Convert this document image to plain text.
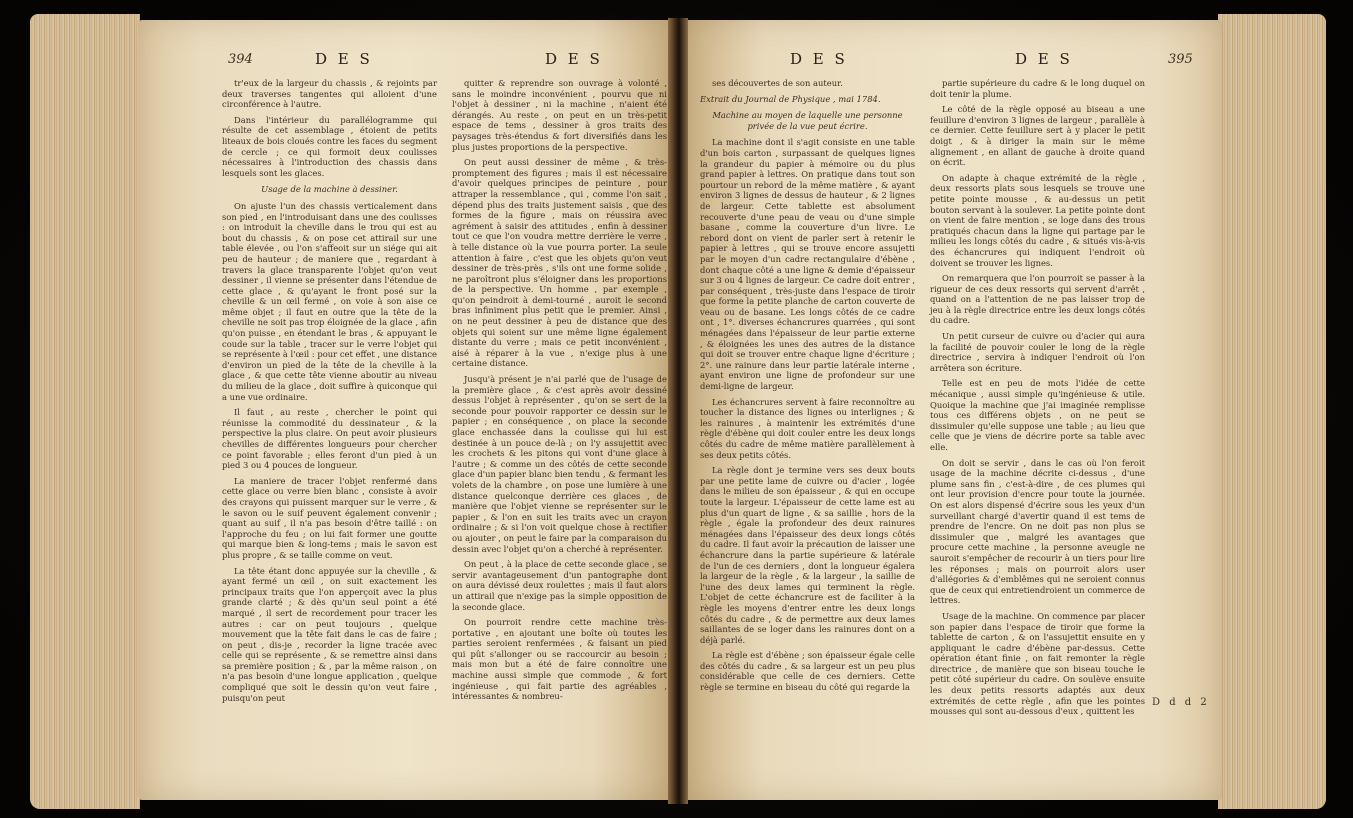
394	D E S	D E S	D E S	D E S	395

tr'eux de la largeur du chassis , & rejoints par deux traverses tangentes qui alloient d'une circonférence à l'autre.

Dans l'intérieur du parallélogramme qui résulte de cet assemblage , étoient de petits liteaux de bois cloués contre les faces du segment de cercle ; ce qui formoit deux coulisses nécessaires à l'introduction des chassis dans lesquels sont les glaces.

Usage de la machine à dessiner.

On ajuste l'un des chassis verticalement dans son pied , en l'introduisant dans une des coulisses : on introduit la cheville dans le trou qui est au bout du chassis , & on pose cet attirail sur une table élevée , ou l'on s'affeoit sur un siége qui ait peu de hauteur ; de maniere que , regardant à travers la glace transparente l'objet qu'on veut dessiner , il vienne se présenter dans l'étendue de cette glace , & qu'ayant le front posé sur la cheville & un œil fermé , on voie à son aise ce même objet ; il faut en outre que la tête de la cheville ne soit pas trop éloignée de la glace , afin qu'on puisse , en étendant le bras , & appuyant le coude sur la table , tracer sur le verre l'objet qui se représente à l'œil : pour cet effet , une distance d'environ un pied de la tête de la cheville à la glace , & que cette tête vienne aboutir au niveau du milieu de la glace , doit suffire à quiconque qui a une vue ordinaire.

Il faut , au reste , chercher le point qui réunisse la commodité du dessinateur , & la perspective la plus claire. On peut avoir plusieurs chevilles de différentes longueurs pour chercher ce point favorable ; elles feront d'un pied à un pied 3 ou 4 pouces de longueur.

La maniere de tracer l'objet renfermé dans cette glace ou verre bien blanc , consiste à avoir des crayons qui puissent marquer sur le verre , & le savon ou le suif peuvent également convenir ; quant au suif , il n'a pas besoin d'être taillé : on l'approche du feu ; on lui fait former une goutte qui marque bien & long-tems ; mais le savon est plus propre , & se taille comme on veut.

La tête étant donc appuyée sur la cheville , & ayant fermé un œil , on suit exactement les principaux traits que l'on apperçoit avec la plus grande clarté ; & dès qu'un seul point a été marqué , il sert de recordement pour tracer les autres : car on peut toujours , quelque mouvement que la tête fait dans le cas de faire ; on peut , dis-je , recorder la ligne tracée avec celle qui se représente , & se remettre ainsi dans sa première position ; & , par la même raison , on n'a pas besoin d'une longue application , quelque compliqué que soit le dessin qu'on veut faire , puisqu'on peut

quitter & reprendre son ouvrage à volonté , sans le moindre inconvénient , pourvu que ni l'objet à dessiner , ni la machine , n'aient été dérangés. Au reste , on peut en un très-petit espace de tems , dessiner à gros traits des paysages très-étendus & fort diversifiés dans les plus justes proportions de la perspective.

On peut aussi dessiner de même , & très-promptement des figures ; mais il est nécessaire d'avoir quelques principes de peinture , pour attraper la ressemblance , qui , comme l'on sait , dépend plus des traits justement saisis , que des formes de la figure , mais on réussira avec agrément à saisir des attitudes , enfin à dessiner tout ce que l'on voudra mettre derrière le verre , à telle distance où la vue pourra porter. La seule attention à faire , c'est que les objets qu'on veut dessiner de très-près , s'ils ont une forme solide , ne paroîtront plus s'éloigner dans les proportions de la perspective. Un homme , par exemple , qu'on peindroit à demi-tourné , auroit le second bras infiniment plus petit que le premier. Ainsi , on ne peut dessiner à peu de distance que des objets qui soient sur une même ligne également distante du verre ; mais ce petit inconvénient , aisé à réparer à la vue , n'exige plus à une certaine distance.

Jusqu'à présent je n'ai parlé que de l'usage de la première glace , & c'est après avoir dessiné dessus l'objet à représenter , qu'on se sert de la seconde pour pouvoir rapporter ce dessin sur le papier ; en conséquence , on place la seconde glace enchassée dans la coulisse qui lui est destinée à un pouce de-là ; on l'y assujettit avec les crochets & les pitons qui vont d'une glace à l'autre ; & comme un des côtés de cette seconde glace d'un papier blanc bien tendu , & fermant les volets de la chambre , on pose une lumière à une distance quelconque derrière ces glaces , de manière que l'objet vienne se représenter sur le papier , & l'on en suit les traits avec un crayon ordinaire ; & si l'on voit quelque chose à rectifier ou ajouter , on peut le faire par la comparaison du dessin avec l'objet qu'on a cherché à représenter.

On peut , à la place de cette seconde glace , se servir avantageusement d'un pantographe dont on aura dévissé deux roulettes ; mais il faut alors un attirail que n'exige pas la simple opposition de la seconde glace.

On pourroit rendre cette machine très-portative , en ajoutant une boîte où toutes les parties seroient renfermées , & faisant un pied qui pût s'allonger ou se raccourcir au besoin ; mais mon but a été de faire connoître une machine aussi simple que commode , & fort ingénieuse , qui fait partie des agréables , intéressantes & nombreu-

ses découvertes de son auteur.

Extrait du Journal de Physique , mai 1784.

Machine au moyen de laquelle une personne privée de la vue peut écrire.

La machine dont il s'agit consiste en une table d'un bois carton , surpassant de quelques lignes la grandeur du papier à mémoire ou du plus grand papier à lettres. On pratique dans tout son pourtour un rebord de la même matière , & ayant environ 3 lignes de dessus de hauteur , & 2 lignes de largeur. Cette tablette est absolument recouverte d'une peau de veau ou d'une simple basane , comme la couverture d'un livre. Le rebord dont on vient de parler sert à retenir le papier à lettres , qui se trouve encore assujetti par le moyen d'un cadre rectangulaire d'ébène , dont chaque côté a une ligne & demie d'épaisseur sur 3 ou 4 lignes de largeur. Ce cadre doit entrer , par conséquent , très-juste dans l'espace de tiroir que forme la petite planche de carton couverte de veau ou de basane. Les longs côtés de ce cadre ont , 1°. diverses échancrures quarrées , qui sont ménagées dans l'épaisseur de leur partie externe , & éloignées les unes des autres de la distance qui doit se trouver entre chaque ligne d'écriture ; 2°. une rainure dans leur partie latérale interne , ayant environ une ligne de profondeur sur une demi-ligne de largeur.

Les échancrures servent à faire reconnoître au toucher la distance des lignes ou interlignes ; & les rainures , à maintenir les extrémités d'une règle d'ébène qui doit couler entre les deux longs côtés du cadre de même matière parallèlement à ses deux petits côtés.

La règle dont je termine vers ses deux bouts par une petite lame de cuivre ou d'acier , logée dans le milieu de son épaisseur , & qui en occupe toute la largeur. L'épaisseur de cette lame est au plus d'un quart de ligne , & sa saillie , hors de la règle , égale la profondeur des deux rainures ménagées dans l'épaisseur des deux longs côtés du cadre. Il faut avoir la précaution de laisser une échancrure dans la partie supérieure & latérale de l'un de ces derniers , dont la longueur égalera la largeur de la règle , & la largeur , la saillie de l'une des deux lames qui terminent la règle. L'objet de cette échancrure est de faciliter à la règle les moyens d'entrer entre les deux longs côtés du cadre , & de permettre aux deux lames saillantes de se loger dans les rainures dont on a déjà parlé.

La règle est d'ébène ; son épaisseur égale celle des côtés du cadre , & sa largeur est un peu plus considérable que celle de ces derniers. Cette règle se termine en biseau du côté qui regarde la

partie supérieure du cadre & le long duquel on doit tenir la plume.

Le côté de la règle opposé au biseau a une feuillure d'environ 3 lignes de largeur , parallèle à ce dernier. Cette feuillure sert à y placer le petit doigt , & à diriger la main sur le même alignement , en allant de gauche à droite quand on écrit.

On adapte à chaque extrémité de la règle , deux ressorts plats sous lesquels se trouve une petite pointe mousse , & au-dessus un petit bouton servant à la soulever. La petite pointe dont on vient de faire mention , se loge dans des trous pratiqués chacun dans la ligne qui partage par le milieu les longs côtés du cadre , & situés vis-à-vis des échancrures qui indiquent l'endroit où doivent se trouver les lignes.

On remarquera que l'on pourroit se passer à la rigueur de ces deux ressorts qui servent d'arrêt , quand on a l'attention de ne pas laisser trop de jeu à la règle directrice entre les deux longs côtés du cadre.

Un petit curseur de cuivre ou d'acier qui aura la facilité de pouvoir couler le long de la règle directrice , servira à indiquer l'endroit où l'on arrêtera son écriture.

Telle est en peu de mots l'idée de cette mécanique , aussi simple qu'ingénieuse & utile. Quoique la machine que j'ai imaginée remplisse tous ces différens objets , on ne peut se dissimuler qu'elle suppose une table ; au lieu que celle que je viens de décrire porte sa table avec elle.

On doit se servir , dans le cas où l'on feroit usage de la machine décrite ci-dessus , d'une plume sans fin , c'est-à-dire , de ces plumes qui ont leur provision d'encre pour toute la journée. On est alors dispensé d'écrire sous les yeux d'un surveillant chargé d'avertir quand il est tems de prendre de l'encre. On ne doit pas non plus se dissimuler que , malgré les avantages que procure cette machine , la personne aveugle ne sauroit s'empêcher de recourir à un tiers pour lire les réponses ; mais on pourroit alors user d'allégories & d'emblêmes qui ne seroient connus que de ceux qui entretiendroient un commerce de lettres.

Usage de la machine. On commence par placer son papier dans l'espace de tiroir que forme la tablette de carton , & on l'assujettit ensuite en y appliquant le cadre d'ébène par-dessus. Cette opération étant finie , on fait remonter la règle directrice , de manière que son biseau touche le petit côté supérieur du cadre. On soulève ensuite les deux petits ressorts adaptés aux deux extrémités de cette règle , afin que les pointes mousses qui sont au-dessous d'eux , quittent les

D d d 2
